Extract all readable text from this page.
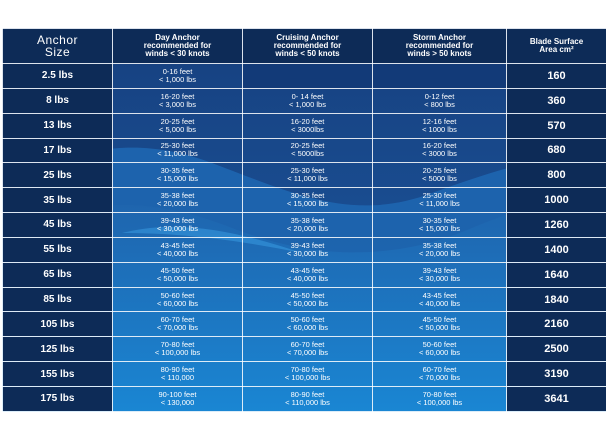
Anchor
Size	Day Anchor
recommended for
winds < 30 knots	Cruising Anchor
recommended for
winds < 50 knots	Storm Anchor
recommended for
winds > 50 knots	Blade Surface
Area cm²

2.5 lbs	0-16 feet
< 1,000 lbs			160
8 lbs	16-20 feet
< 3,000 lbs	0- 14 feet
< 1,000 lbs	0-12 feet
< 800 lbs	360
13 lbs	20-25 feet
< 5,000 lbs	16-20 feet
< 3000lbs	12-16 feet
< 1000 lbs	570
17 lbs	25-30 feet
< 11,000 lbs	20-25 feet
< 5000lbs	16-20 feet
< 3000 lbs	680
25 lbs	30-35 feet
< 15,000 lbs	25-30 feet
< 11,000 lbs	20-25 feet
< 5000 lbs	800
35 lbs	35-38 feet
< 20,000 lbs	30-35 feet
< 15,000 lbs	25-30 feet
< 11,000 lbs	1000
45 lbs	39-43 feet
< 30,000 lbs	35-38 feet
< 20,000 lbs	30-35 feet
< 15,000 lbs	1260
55 lbs	43-45 feet
< 40,000 lbs	39-43 feet
< 30,000 lbs	35-38 feet
< 20,000 lbs	1400
65 lbs	45-50 feet
< 50,000 lbs	43-45 feet
< 40,000 lbs	39-43 feet
< 30,000 lbs	1640
85 lbs	50-60 feet
< 60,000 lbs	45-50 feet
< 50,000 lbs	43-45 feet
< 40,000 lbs	1840
105 lbs	60-70 feet
< 70,000 lbs	50-60 feet
< 60,000 lbs	45-50 feet
< 50,000 lbs	2160
125 lbs	70-80 feet
< 100,000 lbs	60-70 feet
< 70,000 lbs	50-60 feet
< 60,000 lbs	2500
155 lbs	80-90 feet
< 110,000	70-80 feet
< 100,000 lbs	60-70 feet
< 70,000 lbs	3190
175 lbs	90-100 feet
< 130,000	80-90 feet
< 110,000 lbs	70-80 feet
< 100,000 lbs	3641
